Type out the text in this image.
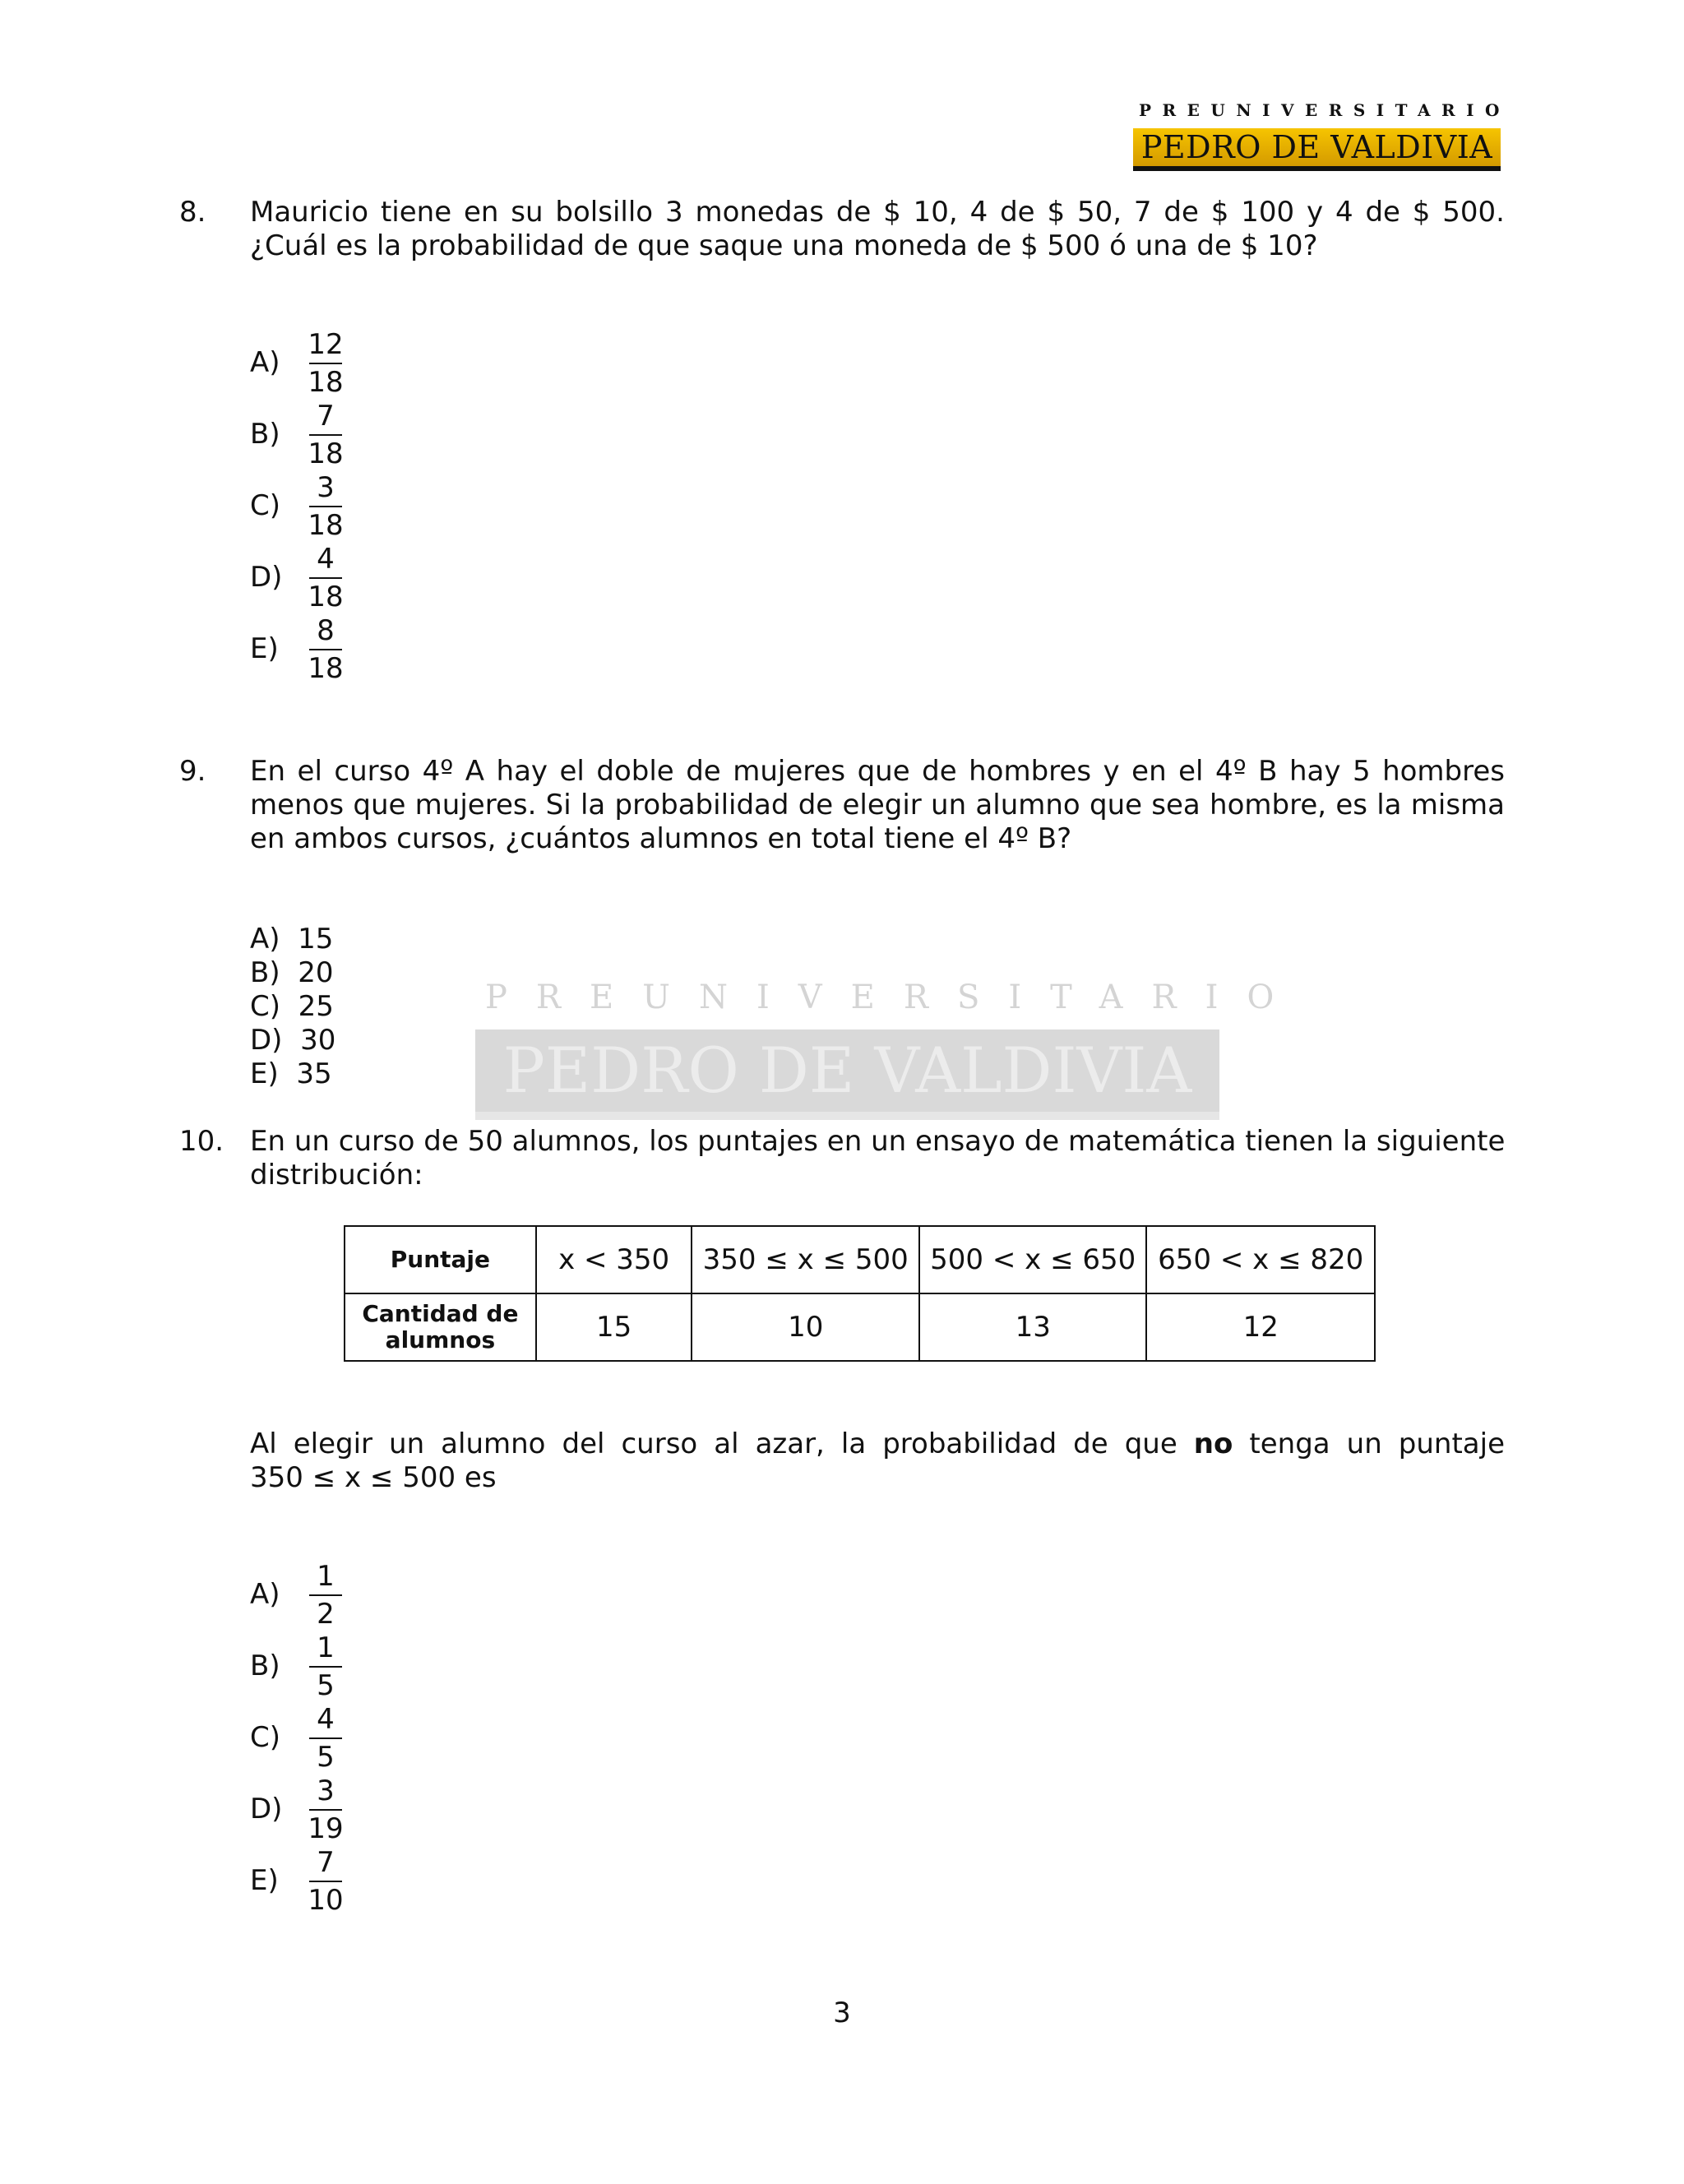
PREUNIVERSITARIO
PEDRO DE VALDIVIA
PREUNIVERSITARIO
PEDRO DE VALDIVIA
8. Mauricio tiene en su bolsillo 3 monedas de $ 10, 4 de $ 50, 7 de $ 100 y 4 de $ 500.
¿Cuál es la probabilidad de que saque una moneda de $ 500 ó una de $ 10?
A)
12
18
B)
7
18
C)
3
18
D)
4
18
E)
8
18
9. En el curso 4º A hay el doble de mujeres que de hombres y en el 4º B hay 5 hombres
menos que mujeres. Si la probabilidad de elegir un alumno que sea hombre, es la misma
en ambos cursos, ¿cuántos alumnos en total tiene el 4º B?
A) 15
B) 20
C) 25
D) 30
E) 35
10. En un curso de 50 alumnos, los puntajes en un ensayo de matemática tienen la siguiente
distribución:
Puntaje	x < 350	350 ≤ x ≤ 500	500 < x ≤ 650	650 < x ≤ 820

Cantidad de
alumnos	15	10	13	12
Al elegir un alumno del curso al azar, la probabilidad de que no tenga un puntaje
350 ≤ x ≤ 500 es
A)
1
2
B)
1
5
C)
4
5
D)
3
19
E)
7
10
3
